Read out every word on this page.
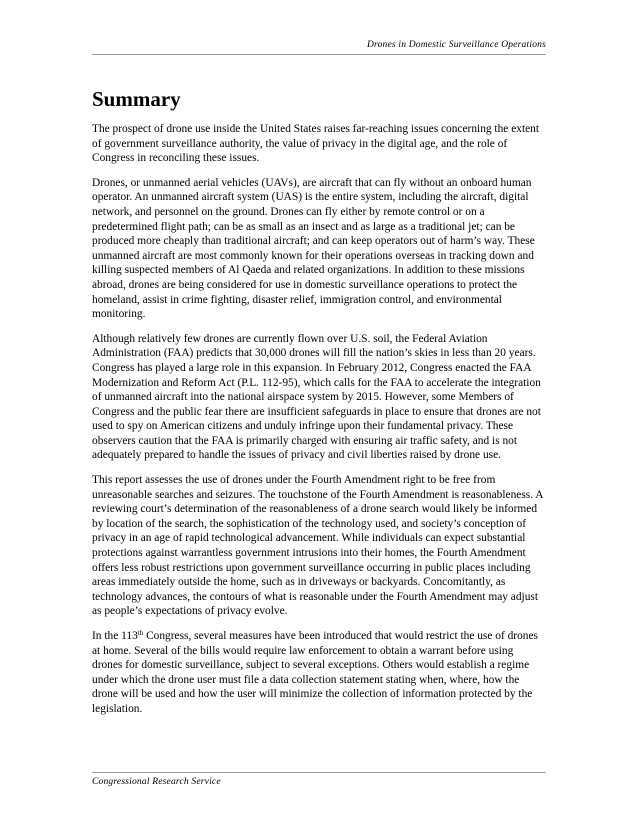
Drones in Domestic Surveillance Operations
Summary

The prospect of drone use inside the United States raises far-reaching issues concerning the extent of government surveillance authority, the value of privacy in the digital age, and the role of Congress in reconciling these issues.

Drones, or unmanned aerial vehicles (UAVs), are aircraft that can fly without an onboard human operator. An unmanned aircraft system (UAS) is the entire system, including the aircraft, digital network, and personnel on the ground. Drones can fly either by remote control or on a predetermined flight path; can be as small as an insect and as large as a traditional jet; can be produced more cheaply than traditional aircraft; and can keep operators out of harm’s way. These unmanned aircraft are most commonly known for their operations overseas in tracking down and killing suspected members of Al Qaeda and related organizations. In addition to these missions abroad, drones are being considered for use in domestic surveillance operations to protect the homeland, assist in crime fighting, disaster relief, immigration control, and environmental monitoring.

Although relatively few drones are currently flown over U.S. soil, the Federal Aviation Administration (FAA) predicts that 30,000 drones will fill the nation’s skies in less than 20 years. Congress has played a large role in this expansion. In February 2012, Congress enacted the FAA Modernization and Reform Act (P.L. 112-95), which calls for the FAA to accelerate the integration of unmanned aircraft into the national airspace system by 2015. However, some Members of Congress and the public fear there are insufficient safeguards in place to ensure that drones are not used to spy on American citizens and unduly infringe upon their fundamental privacy. These observers caution that the FAA is primarily charged with ensuring air traffic safety, and is not adequately prepared to handle the issues of privacy and civil liberties raised by drone use.

This report assesses the use of drones under the Fourth Amendment right to be free from unreasonable searches and seizures. The touchstone of the Fourth Amendment is reasonableness. A reviewing court’s determination of the reasonableness of a drone search would likely be informed by location of the search, the sophistication of the technology used, and society’s conception of privacy in an age of rapid technological advancement. While individuals can expect substantial protections against warrantless government intrusions into their homes, the Fourth Amendment offers less robust restrictions upon government surveillance occurring in public places including areas immediately outside the home, such as in driveways or backyards. Concomitantly, as technology advances, the contours of what is reasonable under the Fourth Amendment may adjust as people’s expectations of privacy evolve.

In the 113th Congress, several measures have been introduced that would restrict the use of drones at home. Several of the bills would require law enforcement to obtain a warrant before using drones for domestic surveillance, subject to several exceptions. Others would establish a regime under which the drone user must file a data collection statement stating when, where, how the drone will be used and how the user will minimize the collection of information protected by the legislation.

Congressional Research Service
